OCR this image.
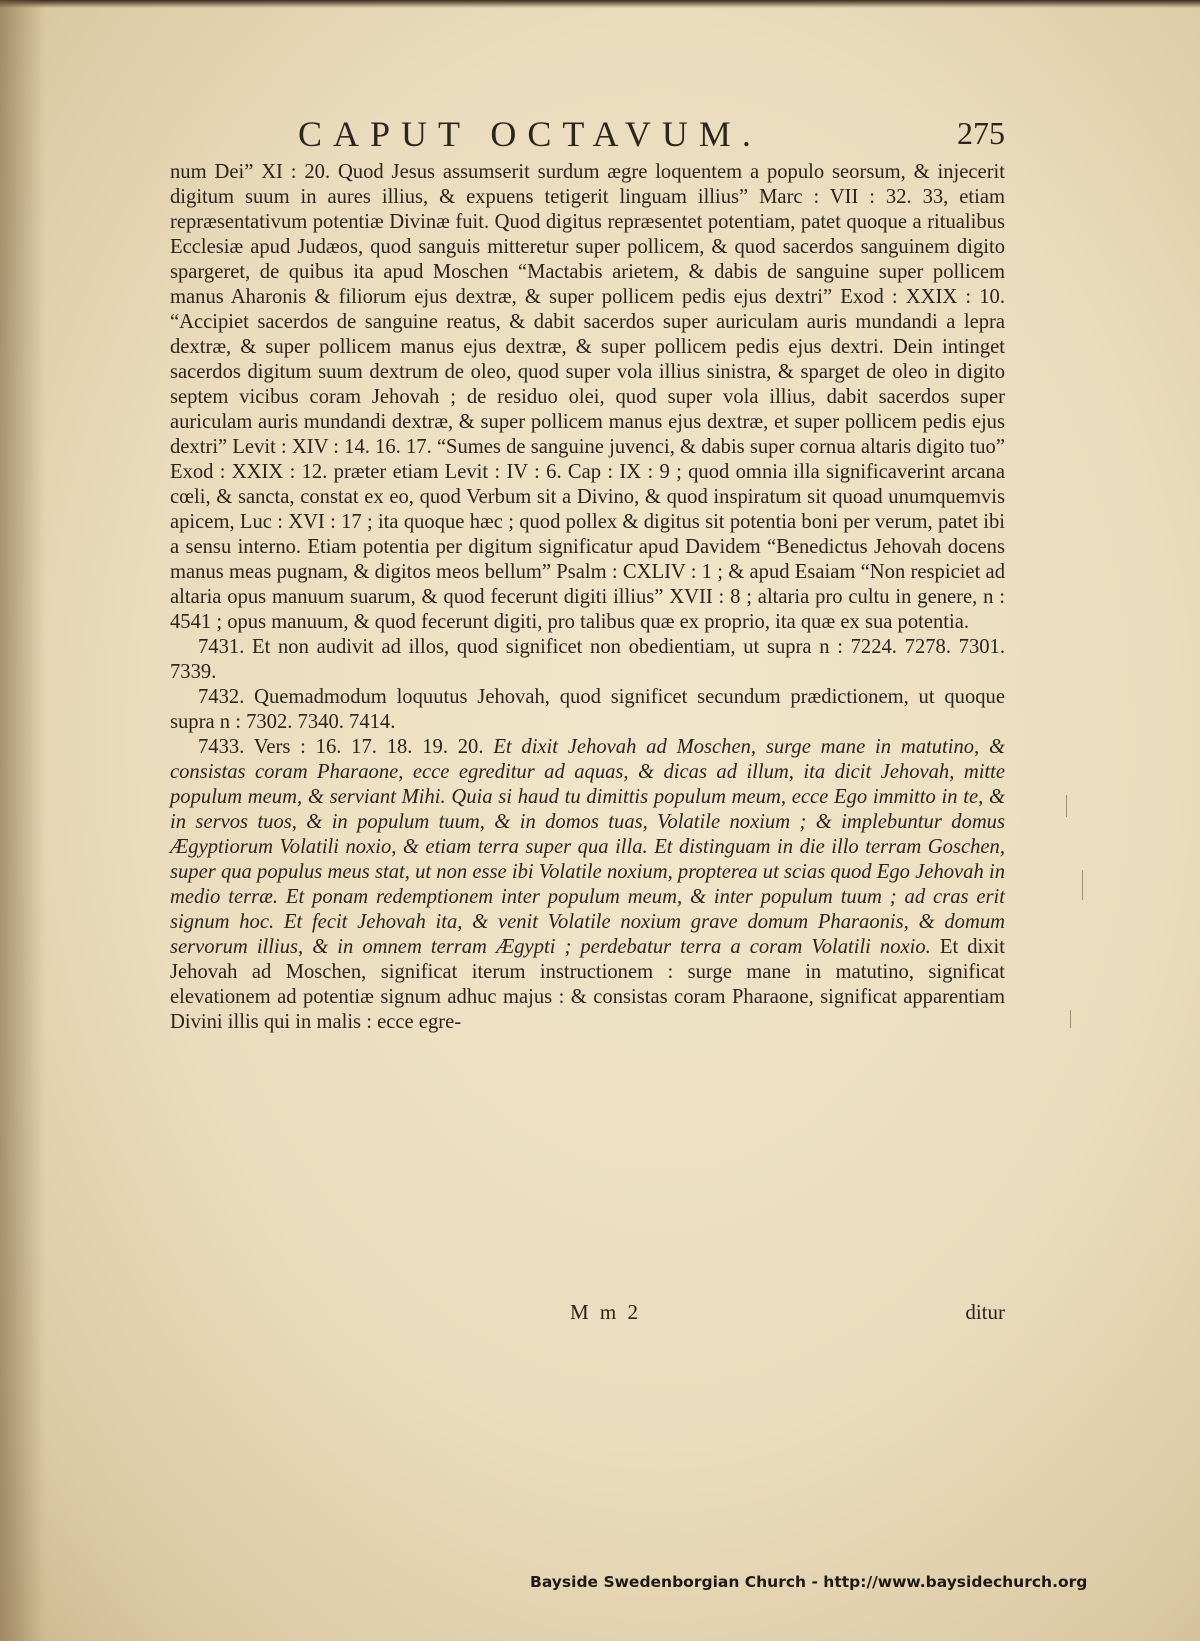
CAPUT OCTAVUM.	275

num Dei” XI : 20. Quod Jesus assumserit surdum ægre loquentem a populo seorsum, & injecerit digitum suum in aures illius, & expuens tetigerit linguam illius” Marc : VII : 32. 33, etiam repræsentativum potentiæ Divinæ fuit. Quod digitus repræsentet potentiam, patet quoque a ritualibus Ecclesiæ apud Judæos, quod sanguis mitteretur super pollicem, & quod sacerdos sanguinem digito spargeret, de quibus ita apud Moschen “Mactabis arietem, & dabis de sanguine super pollicem manus Aharonis & filiorum ejus dextræ, & super pollicem pedis ejus dextri” Exod : XXIX : 10. “Accipiet sacerdos de sanguine reatus, & dabit sacerdos super auriculam auris mundandi a lepra dextræ, & super pollicem manus ejus dextræ, & super pollicem pedis ejus dextri. Dein intinget sacerdos digitum suum dextrum de oleo, quod super vola illius sinistra, & sparget de oleo in digito septem vicibus coram Jehovah ; de residuo olei, quod super vola illius, dabit sacerdos super auriculam auris mundandi dextræ, & super pollicem manus ejus dextræ, et super pollicem pedis ejus dextri” Levit : XIV : 14. 16. 17. “Sumes de sanguine juvenci, & dabis super cornua altaris digito tuo” Exod : XXIX : 12. præter etiam Levit : IV : 6. Cap : IX : 9 ; quod omnia illa significaverint arcana cœli, & sancta, constat ex eo, quod Verbum sit a Divino, & quod inspiratum sit quoad unumquemvis apicem, Luc : XVI : 17 ; ita quoque hæc ; quod pollex & digitus sit potentia boni per verum, patet ibi a sensu interno. Etiam potentia per digitum significatur apud Davidem “Benedictus Jehovah docens manus meas pugnam, & digitos meos bellum” Psalm : CXLIV : 1 ; & apud Esaiam “Non respiciet ad altaria opus manuum suarum, & quod fecerunt digiti illius” XVII : 8 ; altaria pro cultu in genere, n : 4541 ; opus manuum, & quod fecerunt digiti, pro talibus quæ ex proprio, ita quæ ex sua potentia.

7431. Et non audivit ad illos, quod significet non obedientiam, ut supra n : 7224. 7278. 7301. 7339.

7432. Quemadmodum loquutus Jehovah, quod significet secundum prædictionem, ut quoque supra n : 7302. 7340. 7414.

7433. Vers : 16. 17. 18. 19. 20. Et dixit Jehovah ad Moschen, surge mane in matutino, & consistas coram Pharaone, ecce egreditur ad aquas, & dicas ad illum, ita dicit Jehovah, mitte populum meum, & serviant Mihi. Quia si haud tu dimittis populum meum, ecce Ego immitto in te, & in servos tuos, & in populum tuum, & in domos tuas, Volatile noxium ; & implebuntur domus Ægyptiorum Volatili noxio, & etiam terra super qua illa. Et distinguam in die illo terram Goschen, super qua populus meus stat, ut non esse ibi Volatile noxium, propterea ut scias quod Ego Jehovah in medio terræ. Et ponam redemptionem inter populum meum, & inter populum tuum ; ad cras erit signum hoc. Et fecit Jehovah ita, & venit Volatile noxium grave domum Pharaonis, & domum servorum illius, & in omnem terram Ægypti ; perdebatur terra a coram Volatili noxio. Et dixit Jehovah ad Moschen, significat iterum instructionem : surge mane in matutino, significat elevationem ad potentiæ signum adhuc majus : & consistas coram Pharaone, significat apparentiam Divini illis qui in malis : ecce egre-

M m 2	ditur
Bayside Swedenborgian Church - http://www.baysidechurch.org
